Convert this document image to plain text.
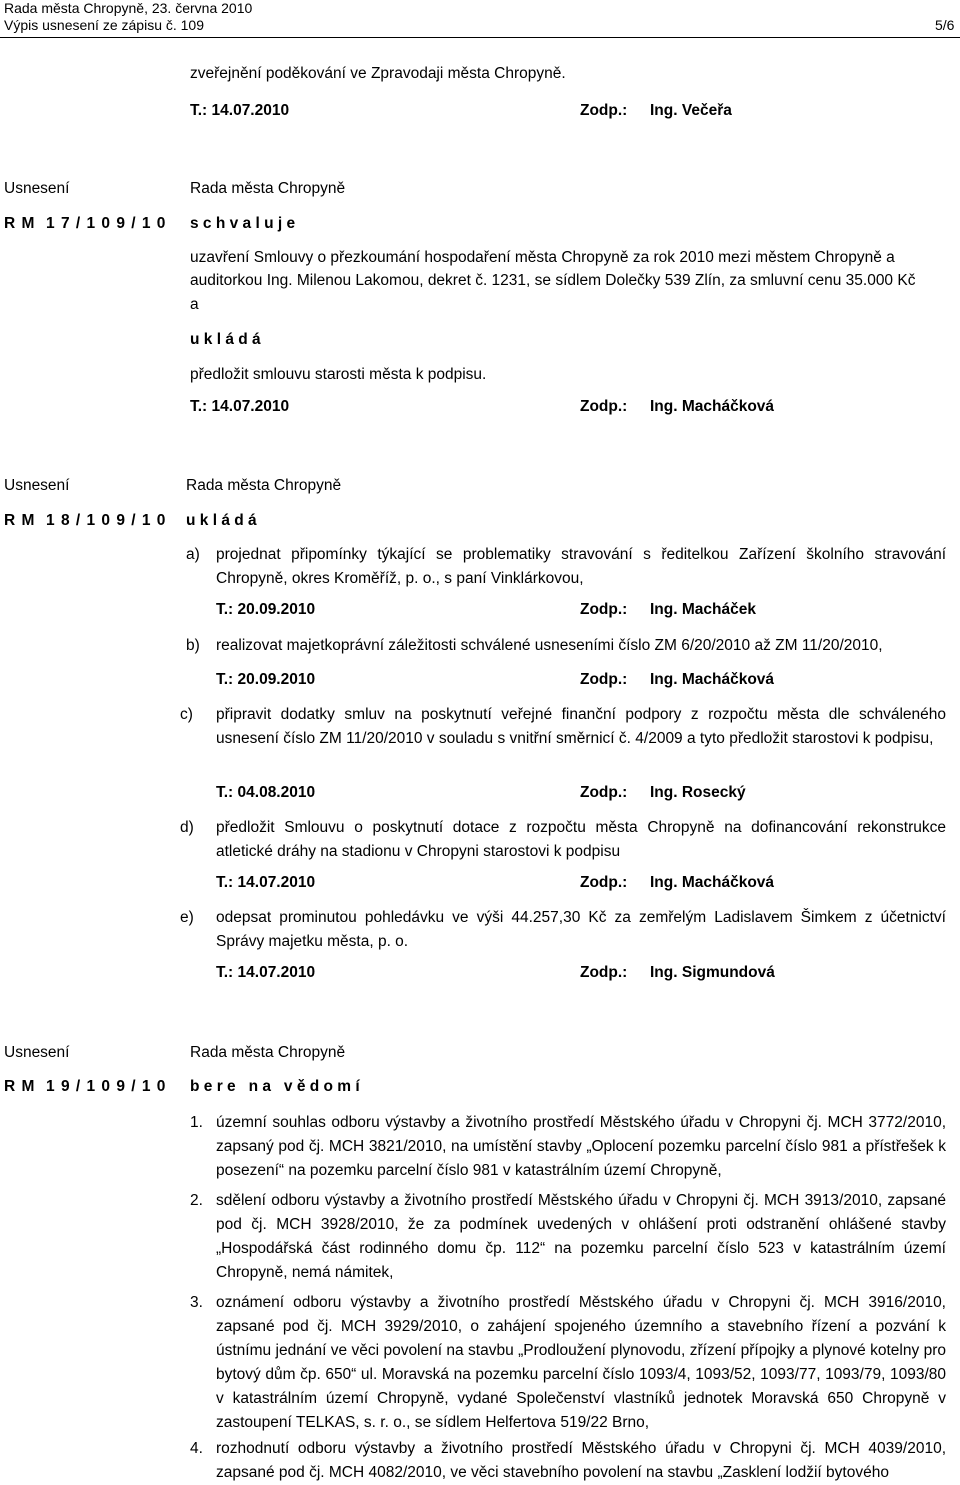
Rada města Chropyně, 23. června 2010
Výpis usnesení ze zápisu č. 109	5/6
zveřejnění poděkování ve Zpravodaji města Chropyně.
T.: 14.07.2010	Zodp.: Ing. Večeřa
Usnesení	Rada města Chropyně
R M  1 7 / 1 0 9 / 1 0 s c h v a l u j e
uzavření Smlouvy o přezkoumání hospodaření města Chropyně za rok 2010 mezi městem Chropyně a
auditorkou Ing. Milenou Lakomou, dekret č. 1231, se sídlem Dolečky 539 Zlín, za smluvní cenu 35.000 Kč
a
u k l á d á
předložit smlouvu starosti města k podpisu.
T.: 14.07.2010	Zodp.: Ing. Macháčková
Usnesení	Rada města Chropyně
R M  1 8 / 1 0 9 / 1 0 u k l á d á
a) projednat připomínky týkající se problematiky stravování s ředitelkou Zařízení školního stravování Chropyně, okres Kroměříž, p. o., s paní Vinklárkovou,
T.: 20.09.2010	Zodp.: Ing. Macháček
b) realizovat majetkoprávní záležitosti schválené usneseními číslo ZM 6/20/2010 až ZM 11/20/2010,
T.: 20.09.2010	Zodp.: Ing. Macháčková
c) připravit dodatky smluv na poskytnutí veřejné finanční podpory z rozpočtu města dle schváleného usnesení číslo ZM 11/20/2010 v souladu s vnitřní směrnicí č. 4/2009 a tyto předložit starostovi k podpisu,
T.: 04.08.2010	Zodp.: Ing. Rosecký
d) předložit Smlouvu o poskytnutí dotace z rozpočtu města Chropyně na dofinancování rekonstrukce atletické dráhy na stadionu v Chropyni starostovi k podpisu
T.: 14.07.2010	Zodp.: Ing. Macháčková
e) odepsat prominutou pohledávku ve výši 44.257,30 Kč za zemřelým Ladislavem Šimkem z účetnictví Správy majetku města, p. o.
T.: 14.07.2010	Zodp.: Ing. Sigmundová
Usnesení	Rada města Chropyně
R M  1 9 / 1 0 9 / 1 0 b e r e   n a   v ě d o m í
1. územní souhlas odboru výstavby a životního prostředí Městského úřadu v Chropyni čj. MCH 3772/2010, zapsaný pod čj. MCH 3821/2010, na umístění stavby „Oplocení pozemku parcelní číslo 981 a přístřešek k posezení“ na pozemku parcelní číslo 981 v katastrálním území Chropyně,
2. sdělení odboru výstavby a životního prostředí Městského úřadu v Chropyni čj. MCH 3913/2010, zapsané pod čj. MCH 3928/2010, že za podmínek uvedených v ohlášení proti odstranění ohlášené stavby „Hospodářská část rodinného domu čp. 112“ na pozemku parcelní číslo 523 v katastrálním území Chropyně, nemá námitek,
3. oznámení odboru výstavby a životního prostředí Městského úřadu v Chropyni čj. MCH 3916/2010, zapsané pod čj. MCH 3929/2010, o zahájení spojeného územního a stavebního řízení a pozvání k ústnímu jednání ve věci povolení na stavbu „Prodloužení plynovodu, zřízení přípojky a plynové kotelny pro bytový dům čp. 650“ ul. Moravská na pozemku parcelní číslo 1093/4, 1093/52, 1093/77, 1093/79, 1093/80 v katastrálním území Chropyně, vydané Společenství vlastníků jednotek Moravská 650 Chropyně v zastoupení TELKAS, s. r. o., se sídlem Helfertova 519/22 Brno,
4. rozhodnutí odboru výstavby a životního prostředí Městského úřadu v Chropyni čj. MCH 4039/2010, zapsané pod čj. MCH 4082/2010, ve věci stavebního povolení na stavbu „Zasklení lodžií bytového
